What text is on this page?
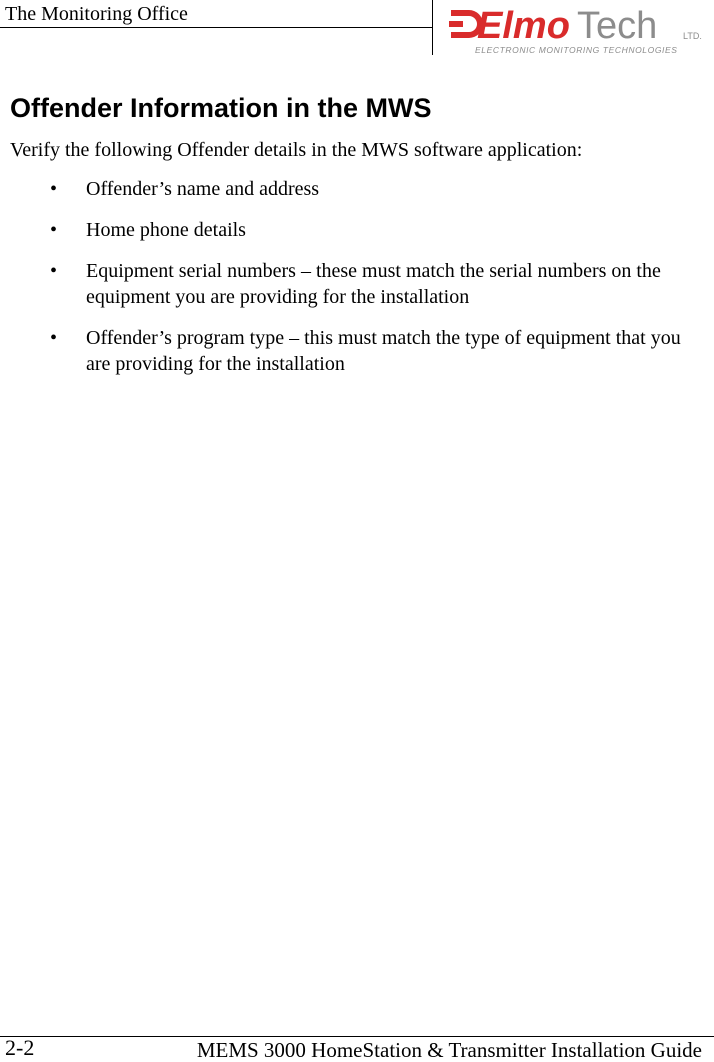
The Monitoring Office	Elmo Tech	LTD.
ELECTRONIC MONITORING TECHNOLOGIES
Offender Information in the MWS

Verify the following Offender details in the MWS software application:

• Offender’s name and address
• Home phone details
• Equipment serial numbers – these must match the serial numbers on the equipment you are providing for the installation
• Offender’s program type – this must match the type of equipment that you are providing for the installation
2-2	MEMS 3000 HomeStation & Transmitter Installation Guide
